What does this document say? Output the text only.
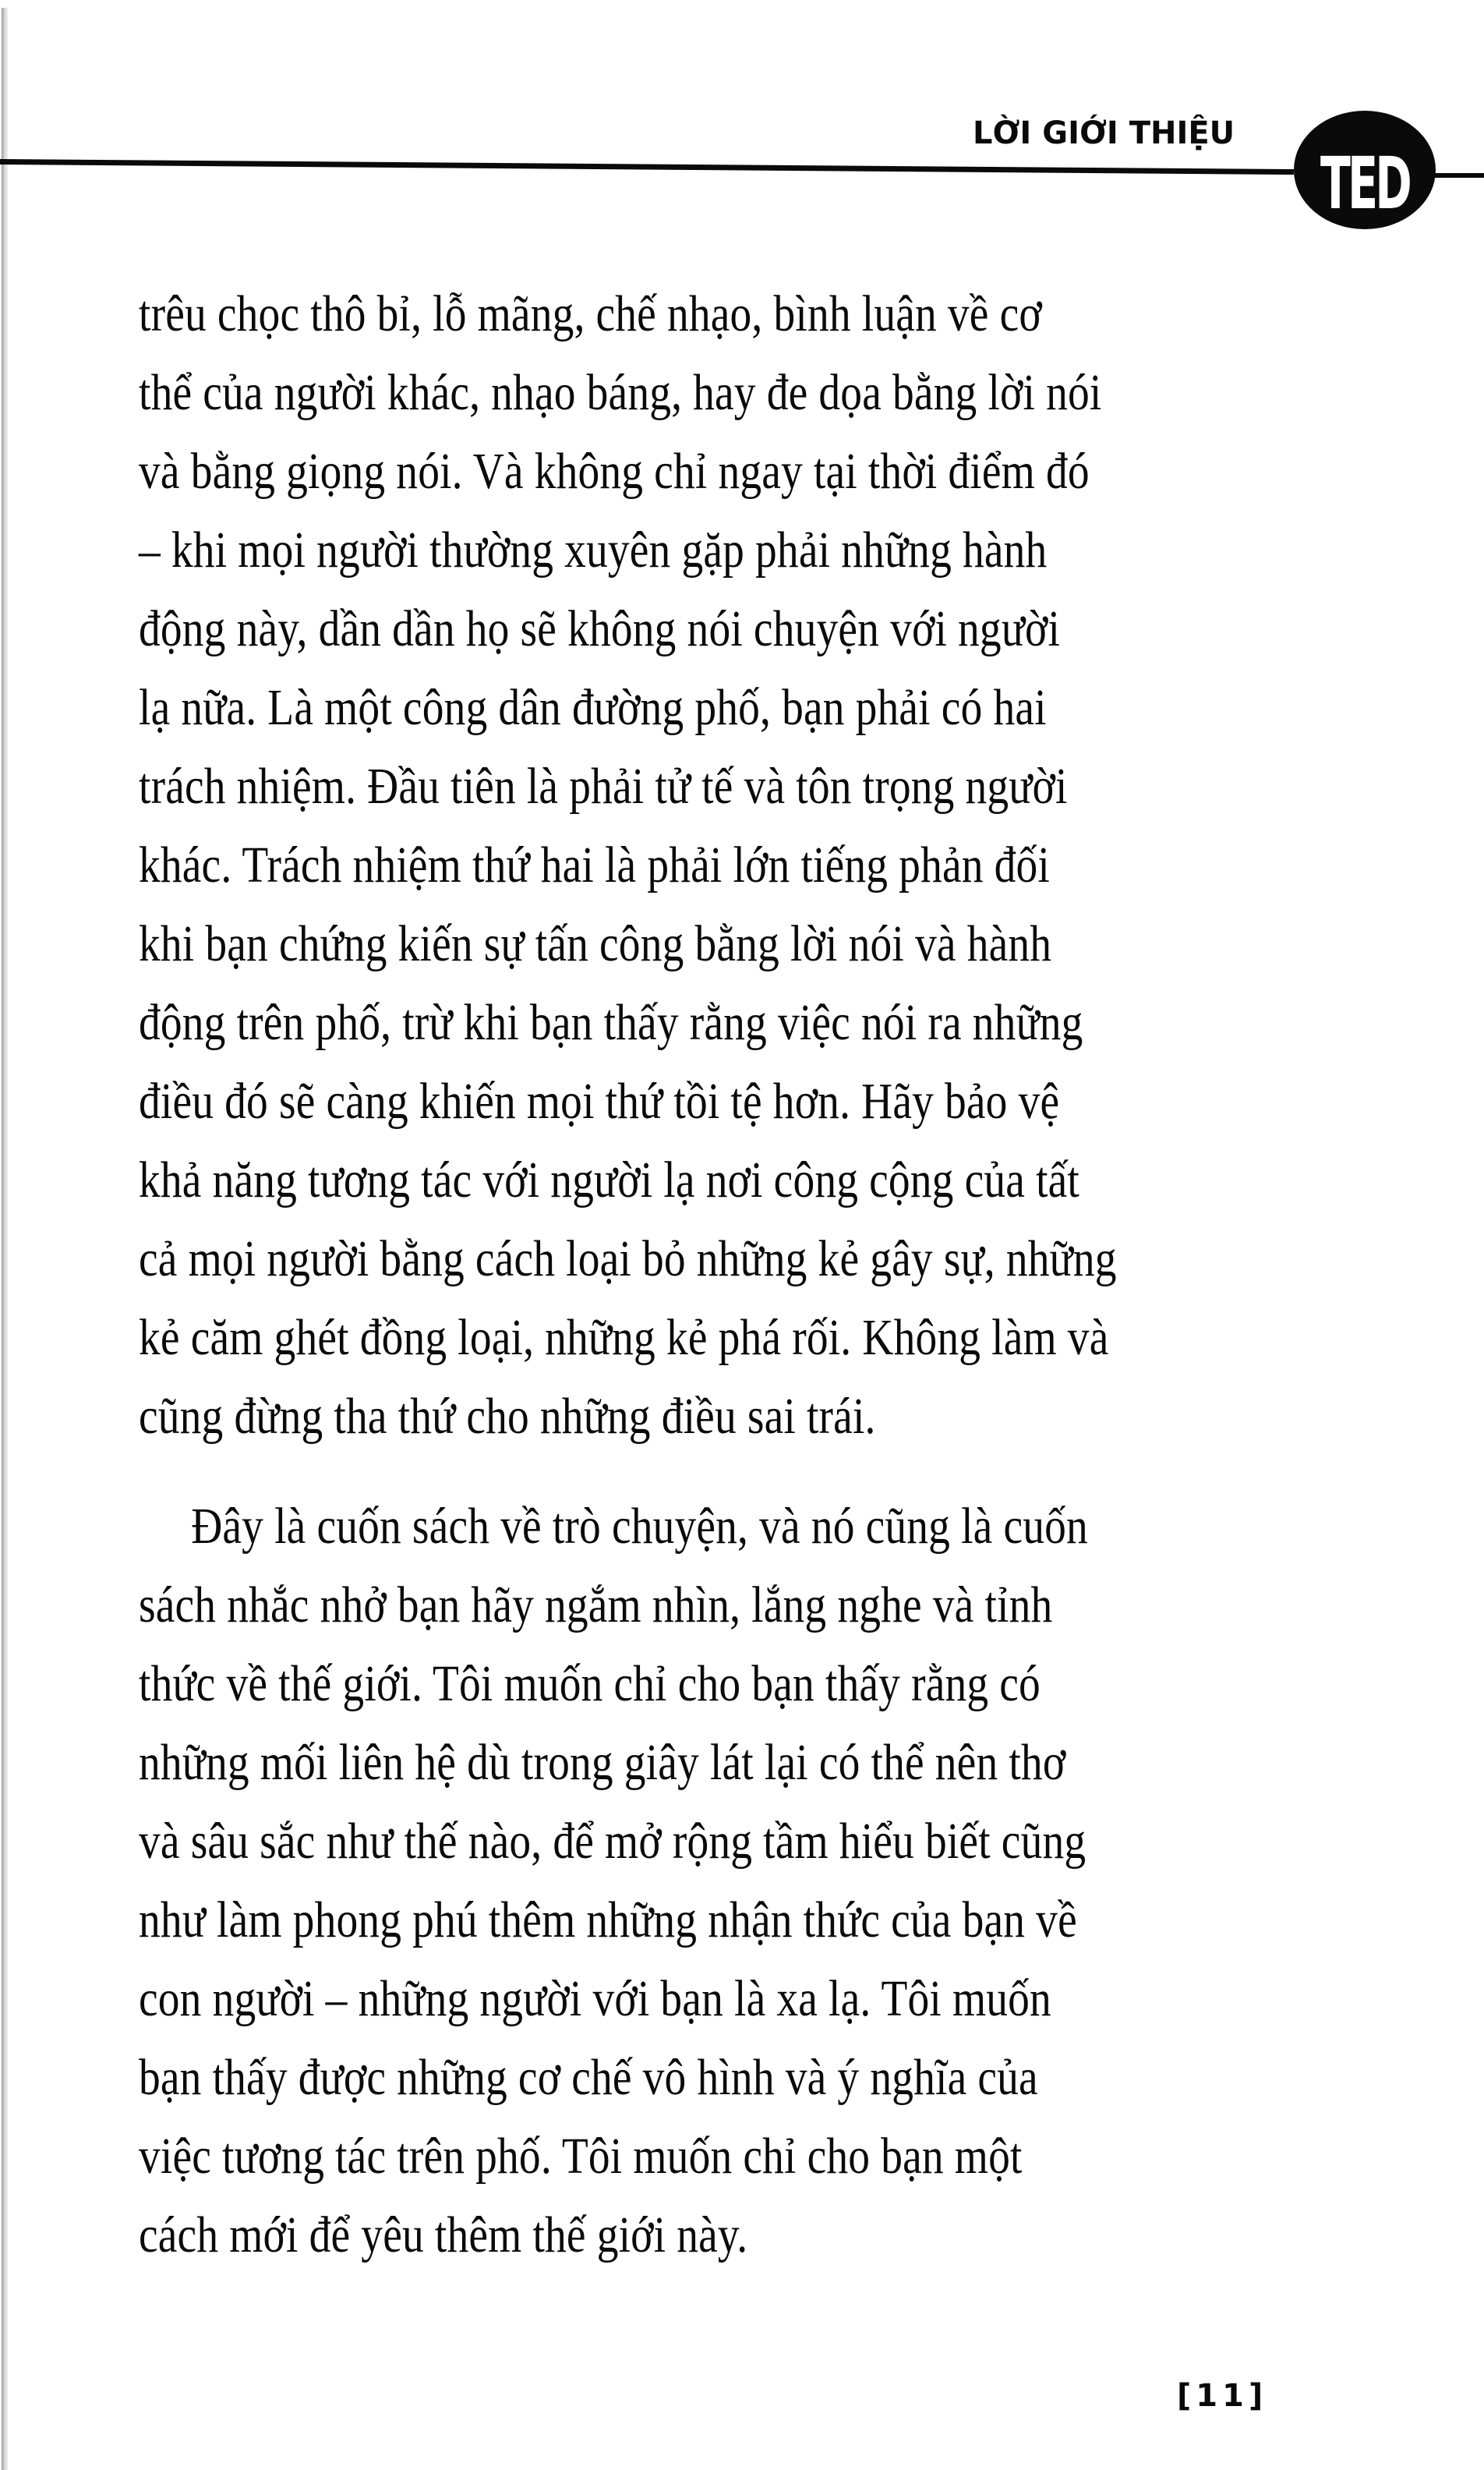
LỜI GIỚI THIỆU
TED
trêu chọc thô bỉ, lỗ mãng, chế nhạo, bình luận về cơ
thể của người khác, nhạo báng, hay đe dọa bằng lời nói
và bằng giọng nói. Và không chỉ ngay tại thời điểm đó
– khi mọi người thường xuyên gặp phải những hành
động này, dần dần họ sẽ không nói chuyện với người
lạ nữa. Là một công dân đường phố, bạn phải có hai
trách nhiệm. Đầu tiên là phải tử tế và tôn trọng người
khác. Trách nhiệm thứ hai là phải lớn tiếng phản đối
khi bạn chứng kiến sự tấn công bằng lời nói và hành
động trên phố, trừ khi bạn thấy rằng việc nói ra những
điều đó sẽ càng khiến mọi thứ tồi tệ hơn. Hãy bảo vệ
khả năng tương tác với người lạ nơi công cộng của tất
cả mọi người bằng cách loại bỏ những kẻ gây sự, những
kẻ căm ghét đồng loại, những kẻ phá rối. Không làm và
cũng đừng tha thứ cho những điều sai trái.
Đây là cuốn sách về trò chuyện, và nó cũng là cuốn
sách nhắc nhở bạn hãy ngắm nhìn, lắng nghe và tỉnh
thức về thế giới. Tôi muốn chỉ cho bạn thấy rằng có
những mối liên hệ dù trong giây lát lại có thể nên thơ
và sâu sắc như thế nào, để mở rộng tầm hiểu biết cũng
như làm phong phú thêm những nhận thức của bạn về
con người – những người với bạn là xa lạ. Tôi muốn
bạn thấy được những cơ chế vô hình và ý nghĩa của
việc tương tác trên phố. Tôi muốn chỉ cho bạn một
cách mới để yêu thêm thế giới này.
[11]
